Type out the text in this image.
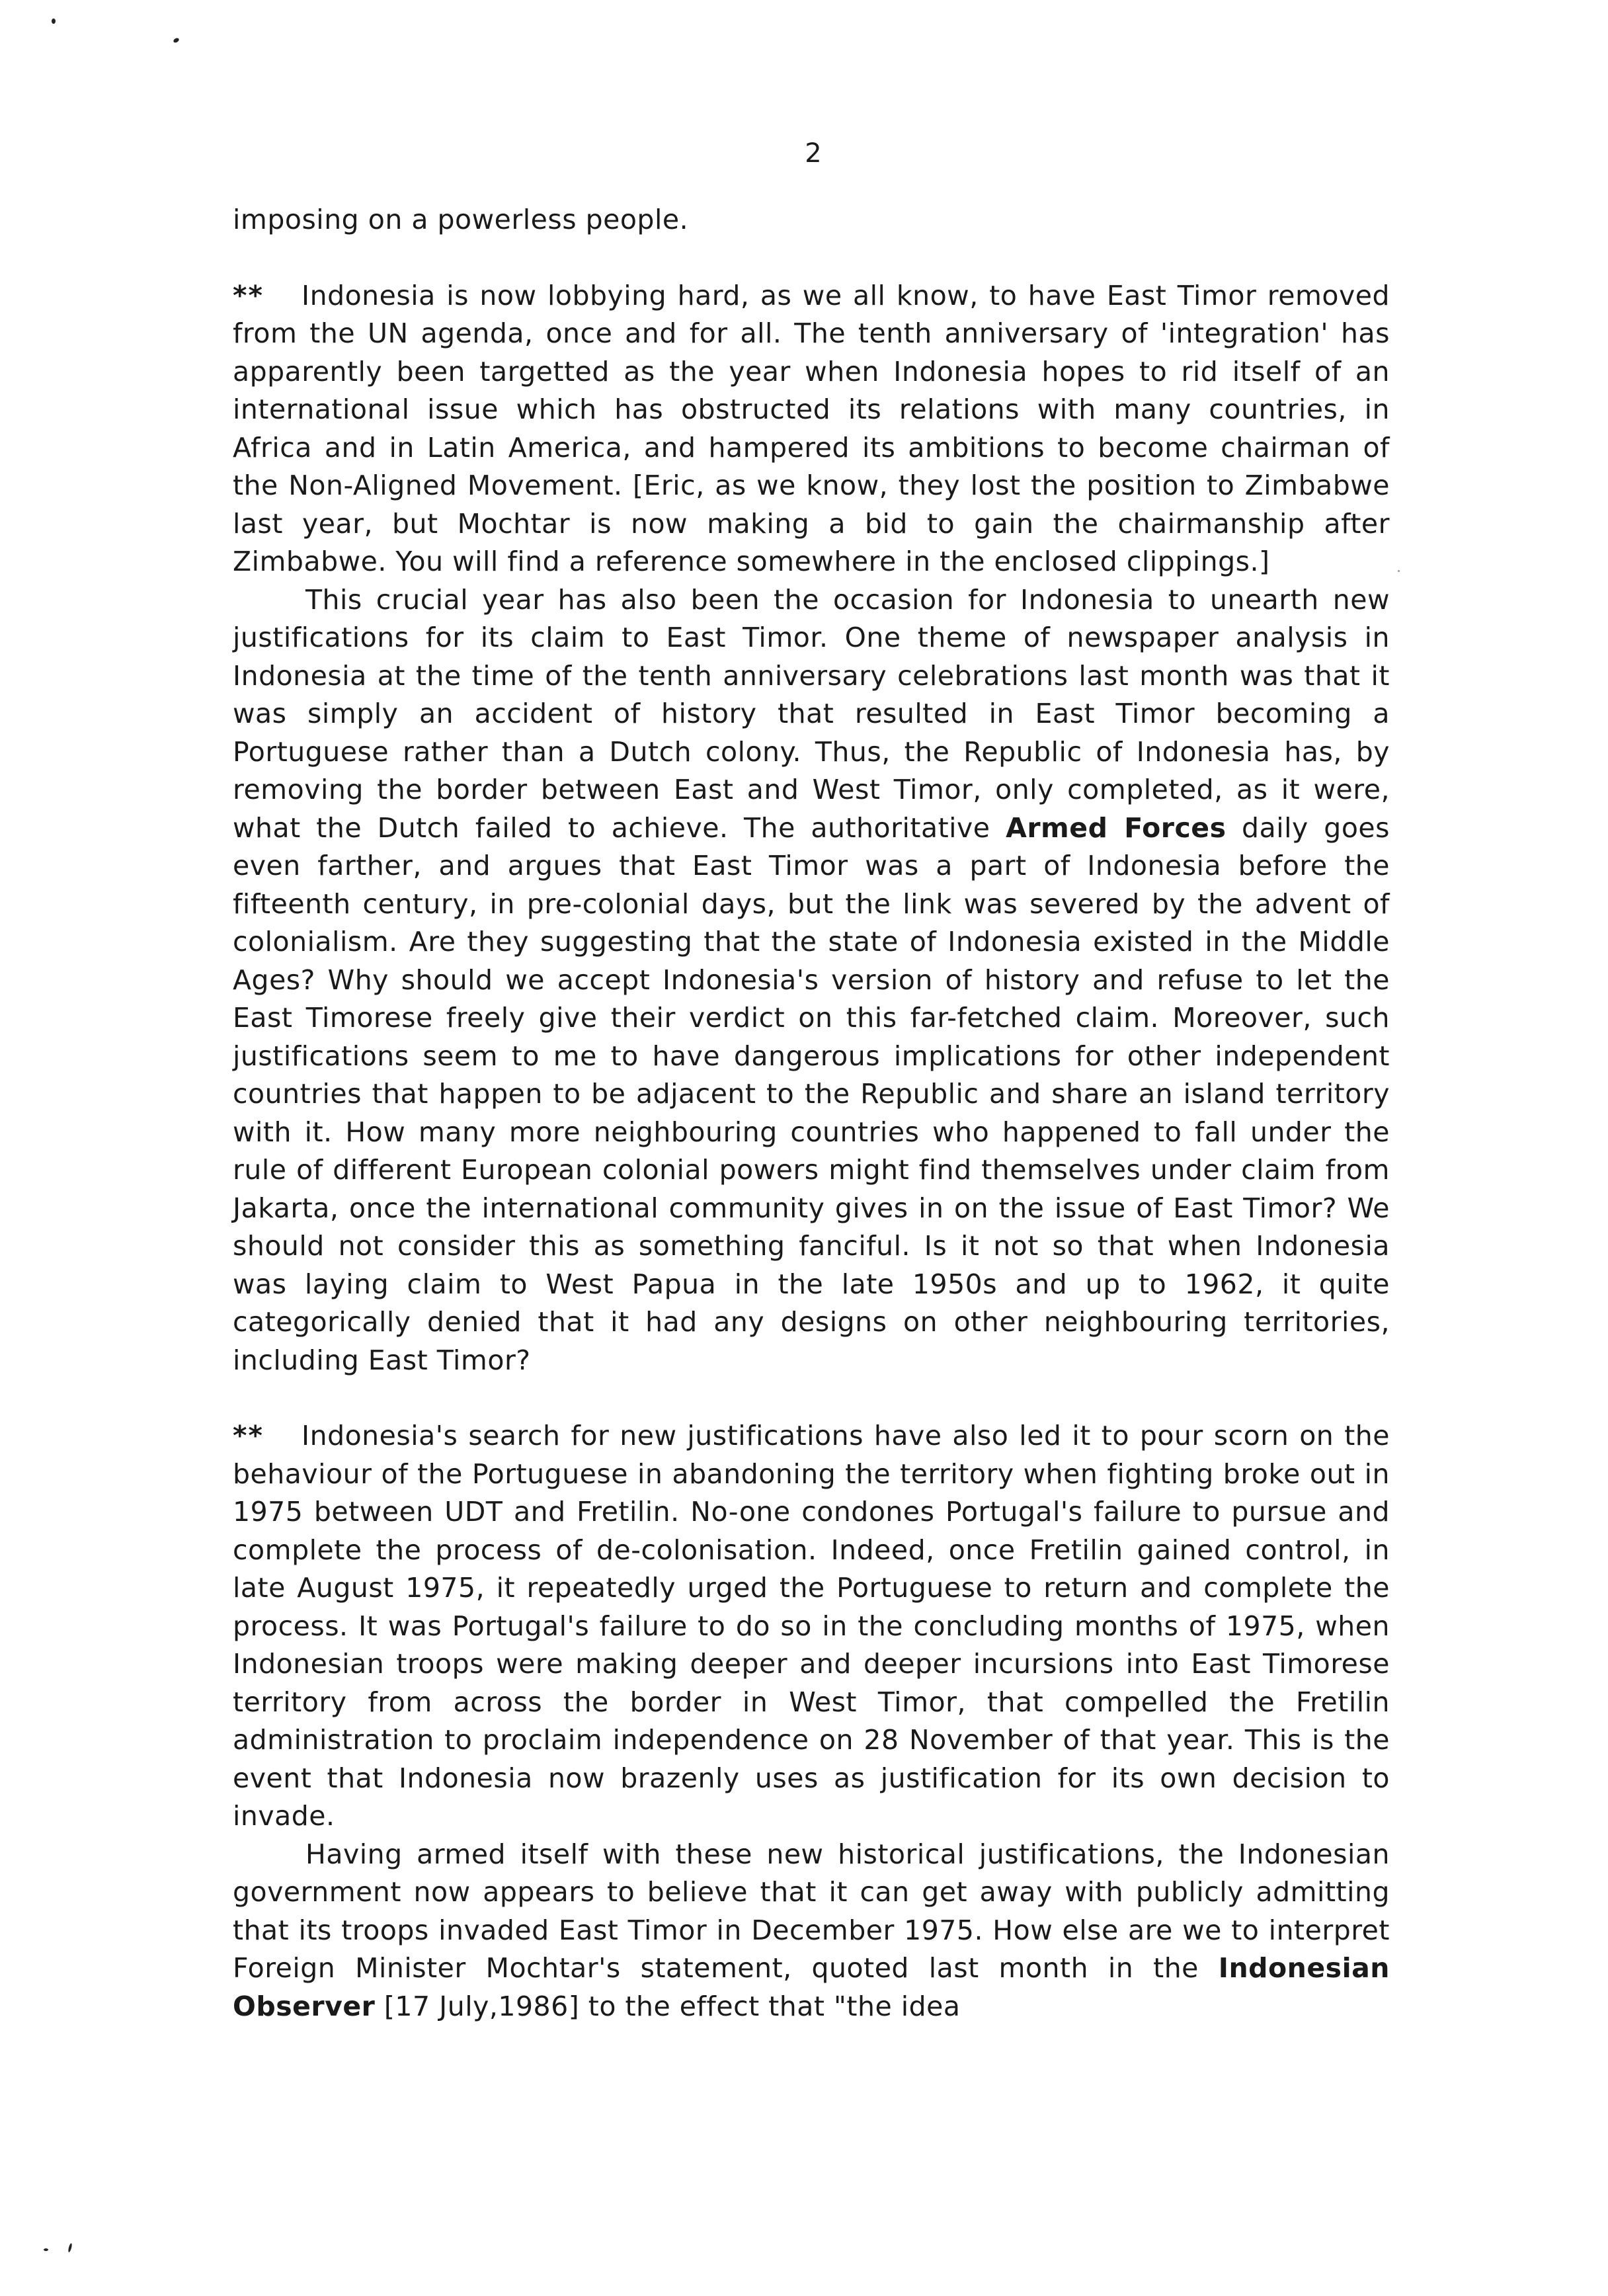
2

imposing on a powerless people.

** Indonesia is now lobbying hard, as we all know, to have East Timor removed from the UN agenda, once and for all. The tenth anniversary of 'integration' has apparently been targetted as the year when Indonesia hopes to rid itself of an international issue which has obstructed its relations with many countries, in Africa and in Latin America, and hampered its ambitions to become chairman of the Non-Aligned Movement. [Eric, as we know, they lost the position to Zimbabwe last year, but Mochtar is now making a bid to gain the chairmanship after Zimbabwe. You will find a reference somewhere in the enclosed clippings.]

This crucial year has also been the occasion for Indonesia to unearth new justifications for its claim to East Timor. One theme of newspaper analysis in Indonesia at the time of the tenth anniversary celebrations last month was that it was simply an accident of history that resulted in East Timor becoming a Portuguese rather than a Dutch colony. Thus, the Republic of Indonesia has, by removing the border between East and West Timor, only completed, as it were, what the Dutch failed to achieve. The authoritative Armed Forces daily goes even farther, and argues that East Timor was a part of Indonesia before the fifteenth century, in pre-colonial days, but the link was severed by the advent of colonialism. Are they suggesting that the state of Indonesia existed in the Middle Ages? Why should we accept Indonesia's version of history and refuse to let the East Timorese freely give their verdict on this far-fetched claim. Moreover, such justifications seem to me to have dangerous implications for other independent countries that happen to be adjacent to the Republic and share an island territory with it. How many more neighbouring countries who happened to fall under the rule of different European colonial powers might find themselves under claim from Jakarta, once the international community gives in on the issue of East Timor? We should not consider this as something fanciful. Is it not so that when Indonesia was laying claim to West Papua in the late 1950s and up to 1962, it quite categorically denied that it had any designs on other neighbouring territories, including East Timor?

** Indonesia's search for new justifications have also led it to pour scorn on the behaviour of the Portuguese in abandoning the territory when fighting broke out in 1975 between UDT and Fretilin. No-one condones Portugal's failure to pursue and complete the process of de-colonisation. Indeed, once Fretilin gained control, in late August 1975, it repeatedly urged the Portuguese to return and complete the process. It was Portugal's failure to do so in the concluding months of 1975, when Indonesian troops were making deeper and deeper incursions into East Timorese territory from across the border in West Timor, that compelled the Fretilin administration to proclaim independence on 28 November of that year. This is the event that Indonesia now brazenly uses as justification for its own decision to invade.

Having armed itself with these new historical justifications, the Indonesian government now appears to believe that it can get away with publicly admitting that its troops invaded East Timor in December 1975. How else are we to interpret Foreign Minister Mochtar's statement, quoted last month in the Indonesian Observer [17 July,1986] to the effect that "the idea
